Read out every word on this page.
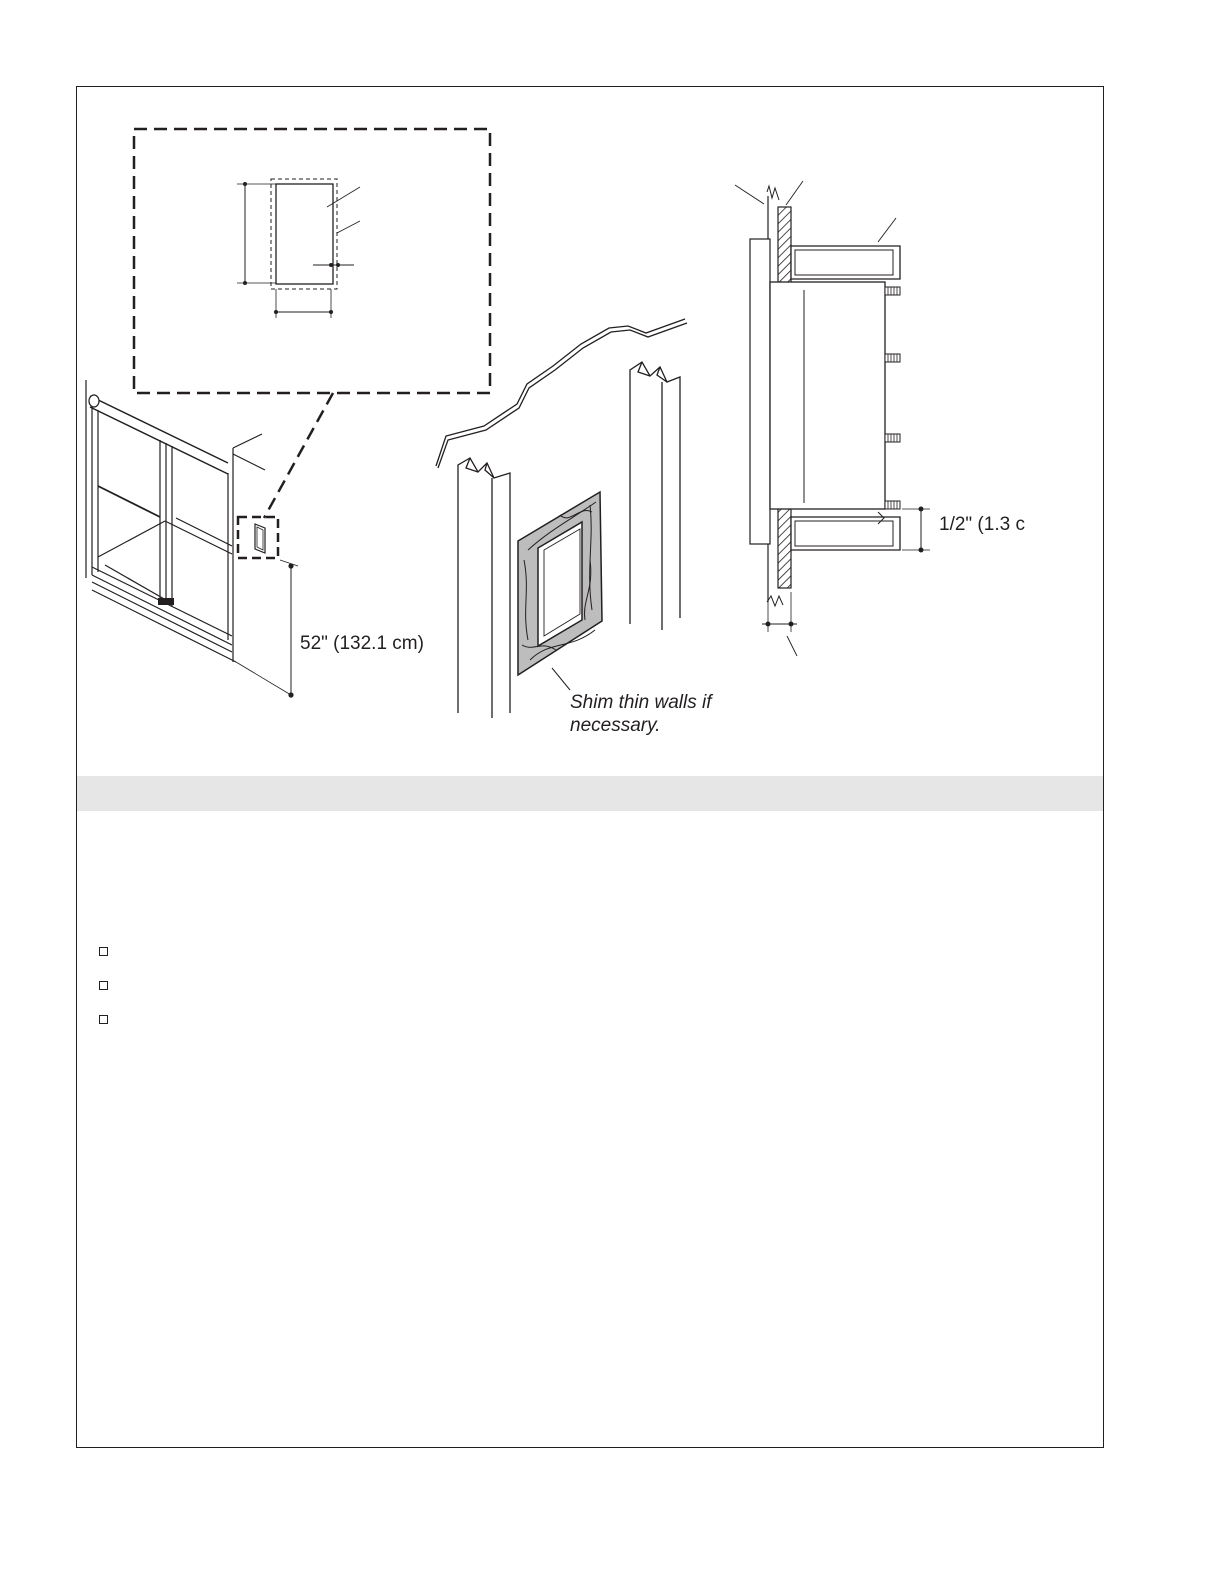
52" (132.1 cm)
Shim thin walls if
necessary.
1/2" (1.3 c
